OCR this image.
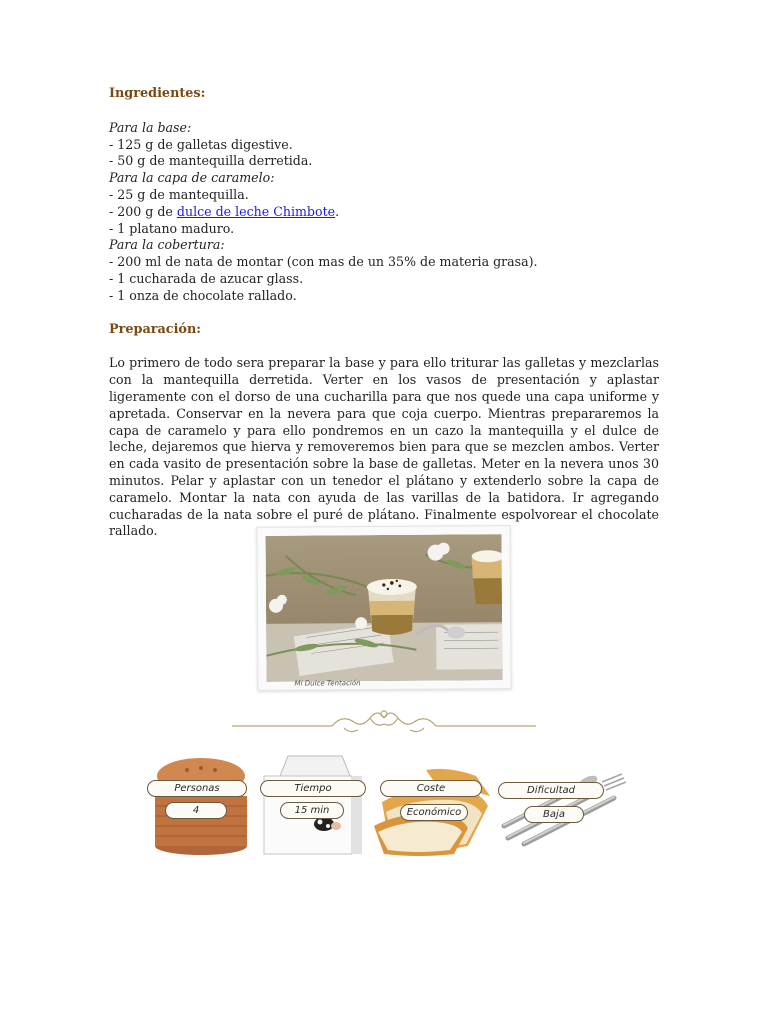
Ingredientes:

Para la base:
- 125 g de galletas digestive.
- 50 g de mantequilla derretida.
Para la capa de caramelo:
- 25 g de mantequilla.
- 200 g de dulce de leche Chimbote.
- 1 platano maduro.
Para la cobertura:
- 200 ml de nata de montar (con mas de un 35% de materia grasa).
- 1 cucharada de azucar glass.
- 1 onza de chocolate rallado.

Preparación:

Lo primero de todo sera preparar la base y para ello triturar las galletas y mezclarlas con la mantequilla derretida. Verter en los vasos de presentación y aplastar ligeramente con el dorso de una cucharilla para que nos quede una capa uniforme y apretada. Conservar en la nevera para que coja cuerpo. Mientras prepararemos la capa de caramelo y para ello pondremos en un cazo la mantequilla y el dulce de leche, dejaremos que hierva y removeremos bien para que se mezclen ambos. Verter en cada vasito de presentación sobre la base de galletas. Meter en la nevera unos 30 minutos. Pelar y aplastar con un tenedor el plátano y extenderlo sobre la capa de caramelo. Montar la nata con ayuda de las varillas de la batidora. Ir agregando cucharadas de la nata sobre el puré de plátano. Finalmente espolvorear el chocolate rallado.
Mi Dulce Tentación
Personas
4
Tiempo
15 min
Coste
Económico
Dificultad
Baja
